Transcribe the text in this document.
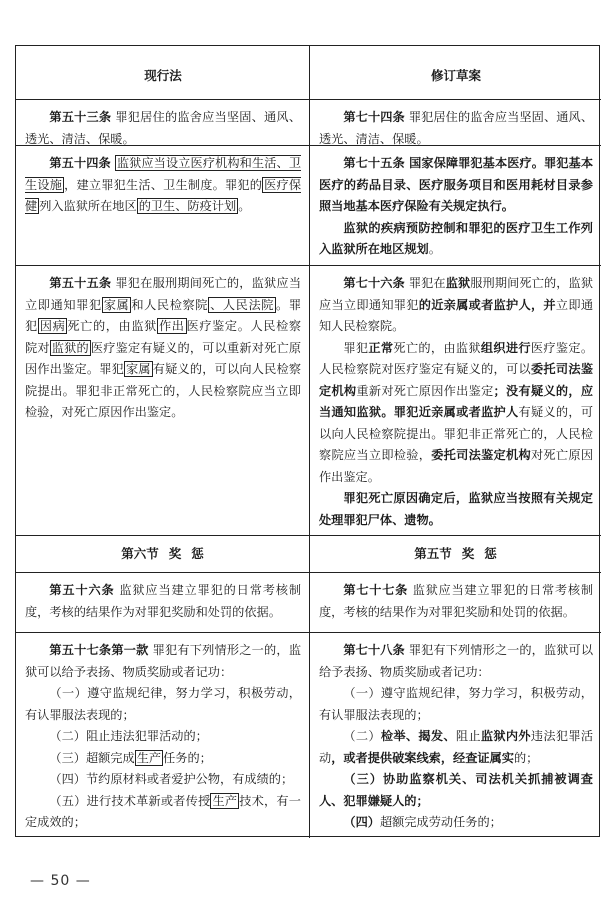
现行法	修订草案

第五十三条 罪犯居住的监舍应当坚固、通风、透光、清洁、保暖。

第七十四条 罪犯居住的监舍应当坚固、通风、透光、清洁、保暖。

第五十四条 监狱应当设立医疗机构和生活、卫生设施 ，建立罪犯生活、卫生制度。罪犯的 医疗保健 列入监狱所在地区 的卫生、防疫计划 。

第七十五条 国家保障罪犯基本医疗。罪犯基本医疗的药品目录、医疗服务项目和医用耗材目录参照当地基本医疗保险有关规定执行。

监狱的疾病预防控制和罪犯的医疗卫生工作列入监狱所在地区规划。

第五十五条 罪犯在服刑期间死亡的，监狱应当立即通知罪犯 家属 和人民检察院 、人民法院 。罪犯 因病 死亡的，由监狱 作出 医疗鉴定。人民检察院对 监狱的 医疗鉴定有疑义的，可以重新对死亡原因作出鉴定。罪犯 家属 有疑义的，可以向人民检察院提出。罪犯非正常死亡的，人民检察院应当立即检验，对死亡原因作出鉴定。

第七十六条 罪犯在监狱服刑期间死亡的，监狱应当立即通知罪犯的近亲属或者监护人，并立即通知人民检察院。

罪犯正常死亡的，由监狱组织进行医疗鉴定。人民检察院对医疗鉴定有疑义的，可以委托司法鉴定机构重新对死亡原因作出鉴定；没有疑义的，应当通知监狱。罪犯近亲属或者监护人有疑义的，可以向人民检察院提出。罪犯非正常死亡的，人民检察院应当立即检验，委托司法鉴定机构对死亡原因作出鉴定。

罪犯死亡原因确定后，监狱应当按照有关规定处理罪犯尸体、遗物。

第六节 奖 惩	第五节 奖 惩

第五十六条 监狱应当建立罪犯的日常考核制度，考核的结果作为对罪犯奖励和处罚的依据。

第七十七条 监狱应当建立罪犯的日常考核制度，考核的结果作为对罪犯奖励和处罚的依据。

第五十七条第一款 罪犯有下列情形之一的，监狱可以给予表扬、物质奖励或者记功：

（一）遵守监规纪律，努力学习，积极劳动，有认罪服法表现的；

（二）阻止违法犯罪活动的；

（三）超额完成 生产 任务的；

（四）节约原材料或者爱护公物，有成绩的；

（五）进行技术革新或者传授 生产 技术，有一定成效的；

第七十八条 罪犯有下列情形之一的，监狱可以给予表扬、物质奖励或者记功：

（一）遵守监规纪律，努力学习，积极劳动，有认罪服法表现的；

（二）检举、揭发、阻止监狱内外违法犯罪活动，或者提供破案线索，经查证属实的；

（三）协助监察机关、司法机关抓捕被调查人、犯罪嫌疑人的；

（四）超额完成劳动任务的；

— 50 —
